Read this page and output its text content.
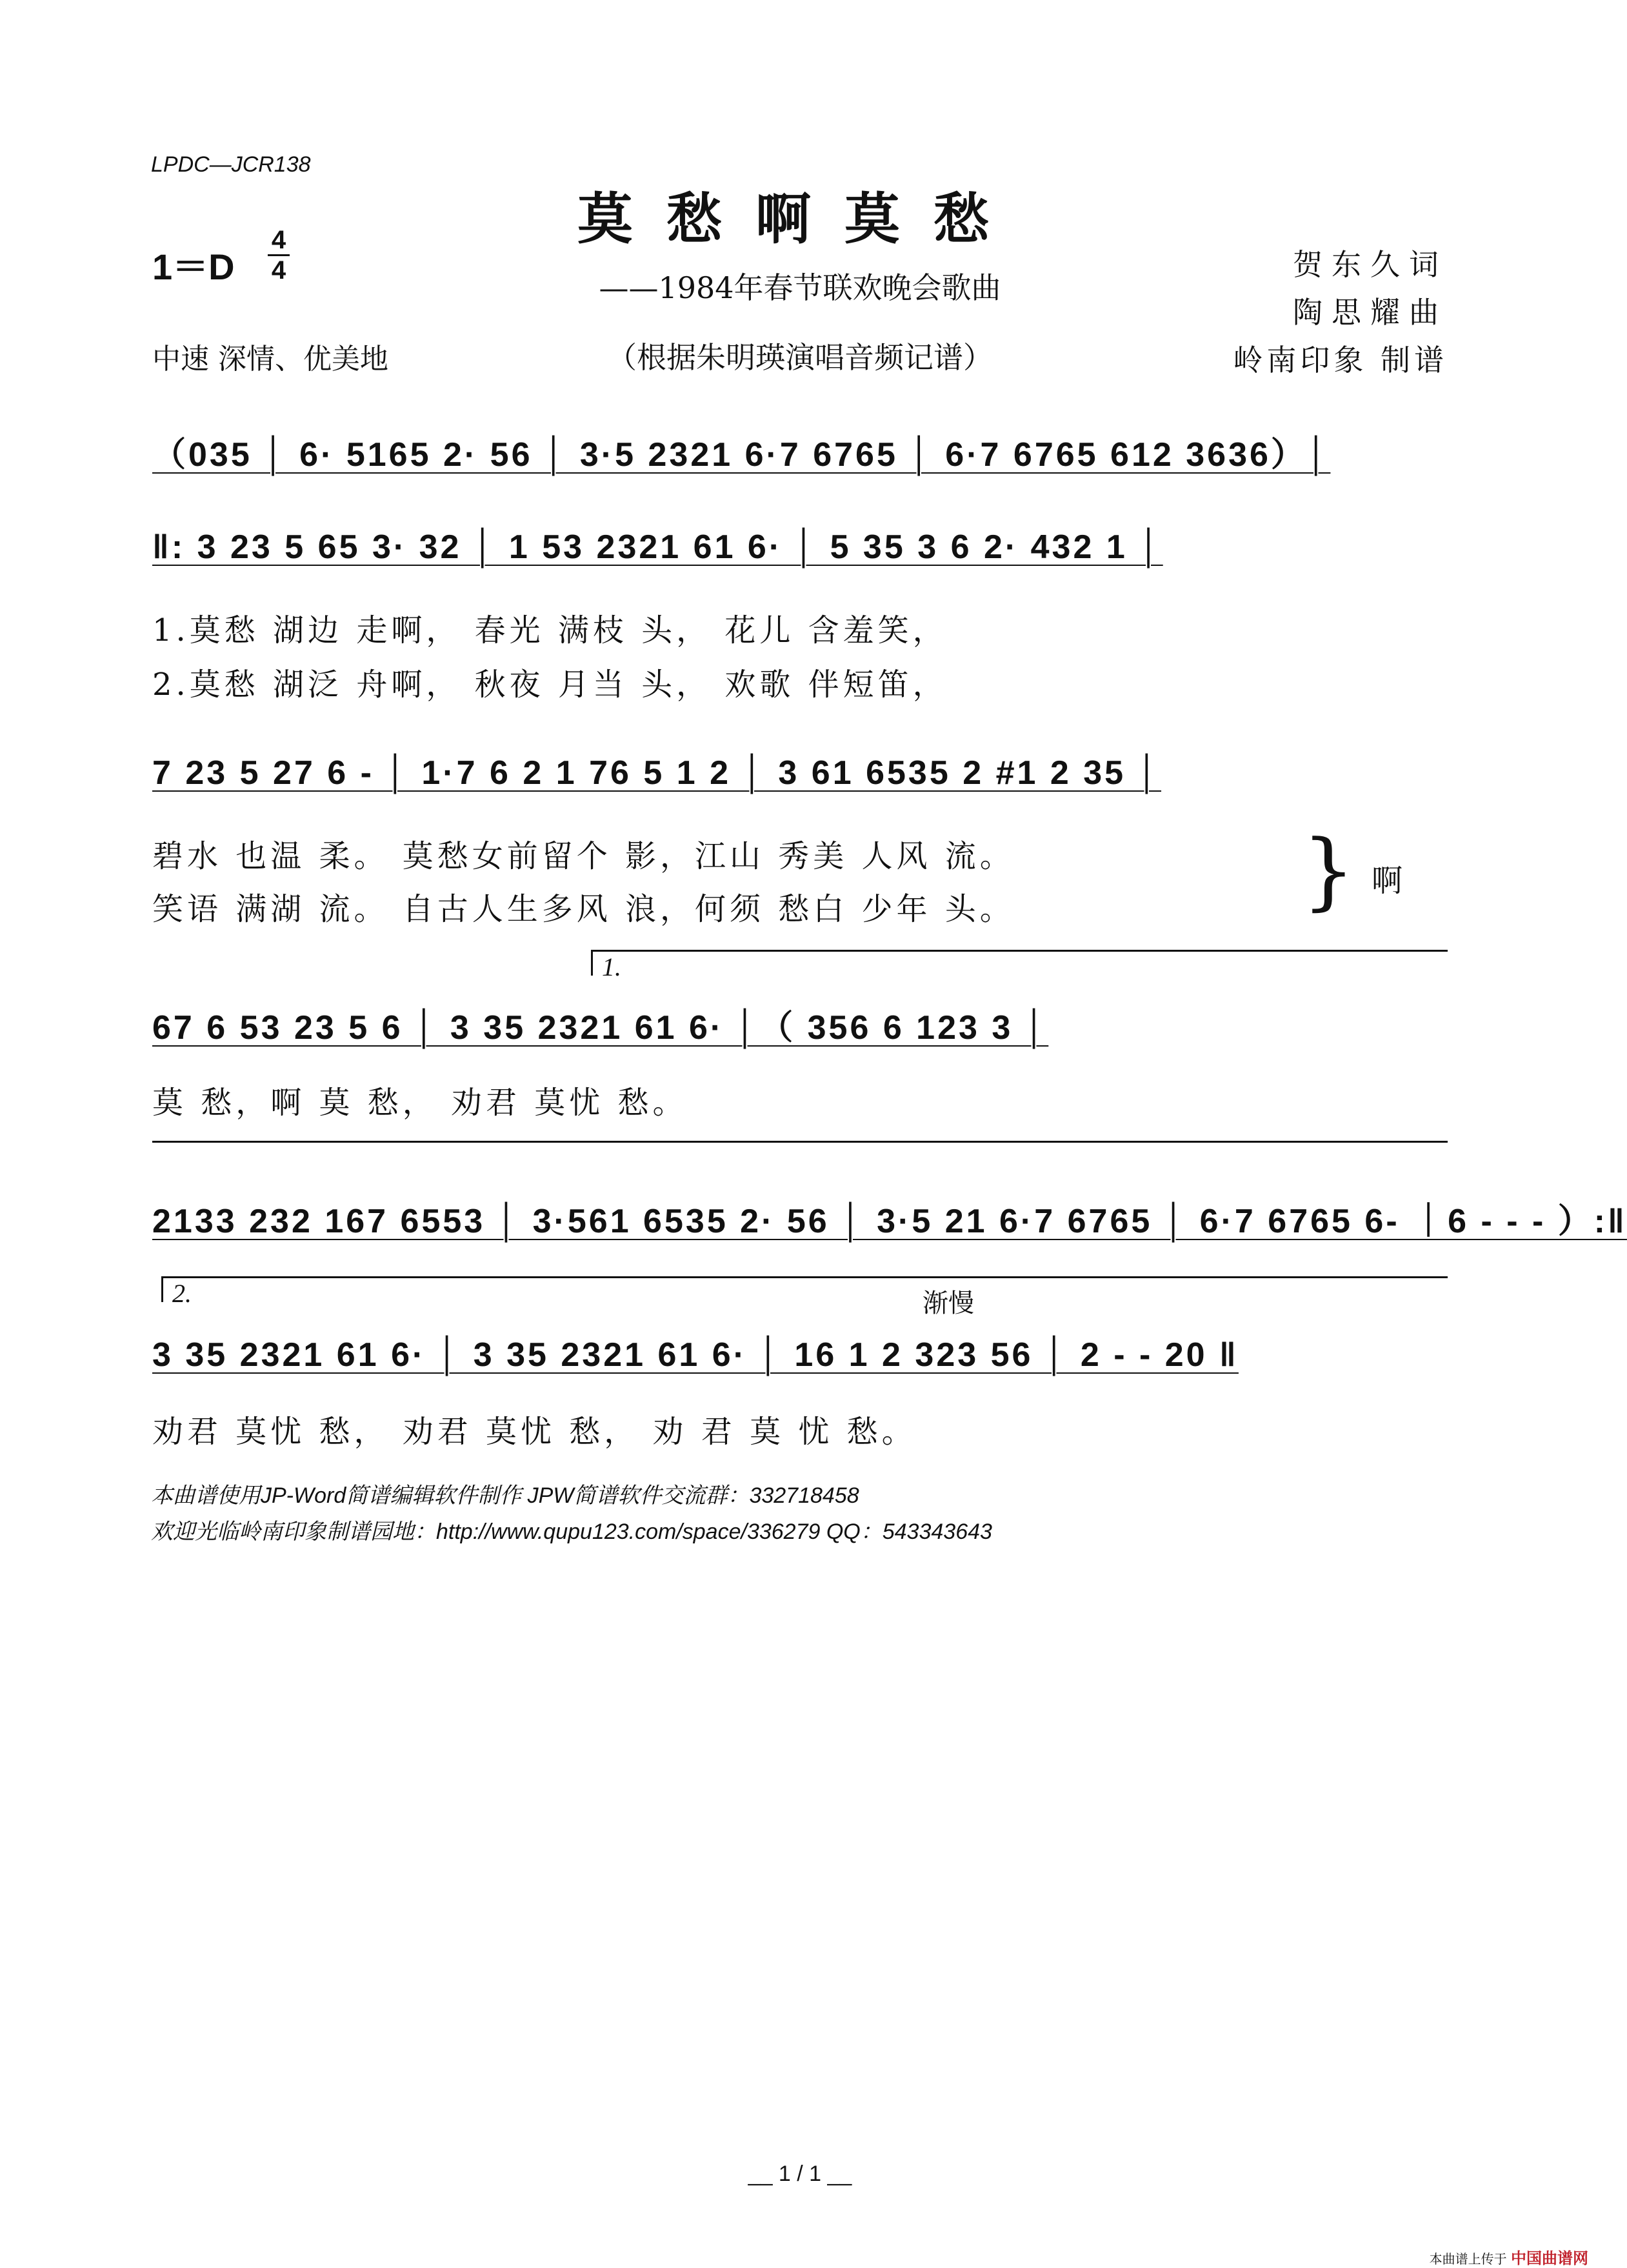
LPDC—JCR138
莫愁啊莫愁
1＝D
4
4	——1984年春节联欢晚会歌曲
（根据朱明瑛演唱音频记谱）
中速 深情、优美地
贺东久词
陶思耀曲
岭南印象 制谱
（035 │ 6· 5165 2· 56 │ 3·5 2321 6·7 6765 │ 6·7 6765 612 3636）│
‖: 3 23 5 65 3· 32 │ 1 53 2321 61 6· │ 5 35 3 6 2· 432 1 │
1.莫愁 湖边 走啊， 春光 满枝 头， 花儿 含羞笑，
2.莫愁 湖泛 舟啊， 秋夜 月当 头， 欢歌 伴短笛，
7 23 5 27 6 - │ 1·7 6 2 1 76 5 1 2 │ 3 61 6535 2 #1 2 35 │
碧水 也温 柔。 莫愁女前留个 影，江山 秀美 人风 流。
笑语 满湖 流。 自古人生多风 浪，何须 愁白 少年 头。	} 啊
1.
67 6 53 23 5 6 │ 3 35 2321 61 6· │（ 356 6 123 3 │
莫 愁，啊 莫 愁， 劝君 莫忧 愁。
2133 232 167 6553 │ 3·561 6535 2· 56 │ 3·5 21 6·7 6765 │ 6·7 6765 6- ｜6 - - - ）:‖
2.	渐慢
3 35 2321 61 6· │ 3 35 2321 61 6· │ 16 1 2 323 56 │ 2 - - 20 ‖
劝君 莫忧 愁， 劝君 莫忧 愁， 劝 君 莫 忧 愁。
本曲谱使用JP-Word简谱编辑软件制作 JPW简谱软件交流群：332718458
欢迎光临岭南印象制谱园地：http://www.qupu123.com/space/336279 QQ：543343643
__ 1 / 1 __
本曲谱上传于 中国曲谱网
